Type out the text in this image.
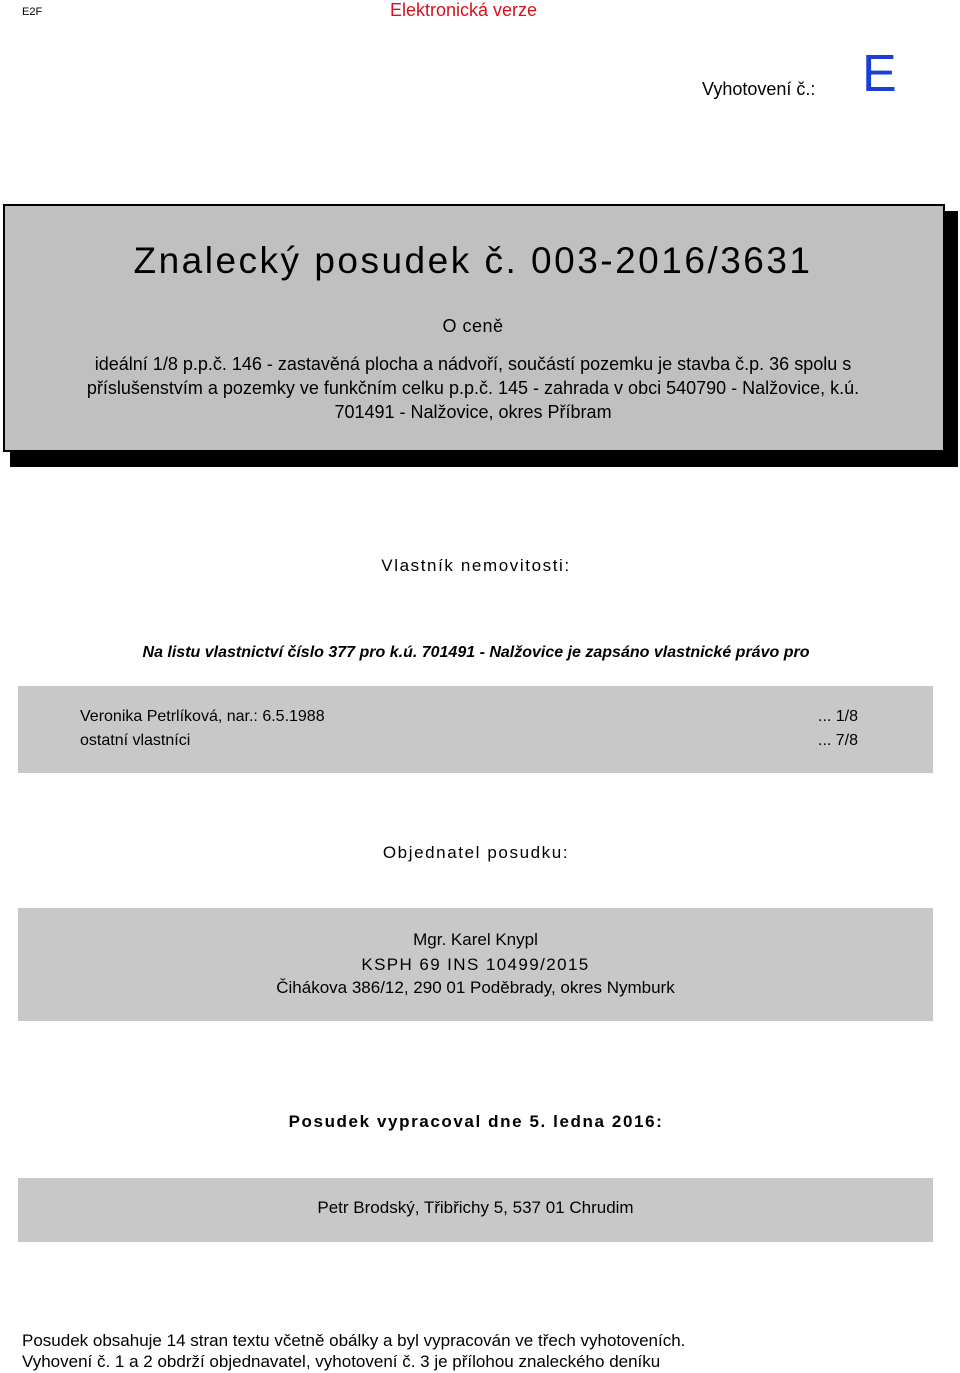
E2F	Elektronická verze
Vyhotovení č.: E
Znalecký posudek č. 003-2016/3631
O ceně
ideální 1/8 p.p.č. 146 - zastavěná plocha a nádvoří, součástí pozemku je stavba č.p. 36 spolu s
příslušenstvím a pozemky ve funkčním celku p.p.č. 145 - zahrada v obci 540790 - Nalžovice, k.ú.
701491 - Nalžovice, okres Příbram
Vlastník nemovitosti:
Na listu vlastnictví číslo 377 pro k.ú. 701491 - Nalžovice je zapsáno vlastnické právo pro
Veronika Petrlíková, nar.: 6.5.1988	... 1/8
ostatní vlastníci	... 7/8
Objednatel posudku:
Mgr. Karel Knypl
KSPH 69 INS 10499/2015
Čihákova 386/12, 290 01 Poděbrady, okres Nymburk
Posudek vypracoval dne 5. ledna 2016:
Petr Brodský, Třibřichy 5, 537 01 Chrudim
Posudek obsahuje 14 stran textu včetně obálky a byl vypracován ve třech vyhotoveních.
Vyhovení č. 1 a 2 obdrží objednavatel, vyhotovení č. 3 je přílohou znaleckého deníku
